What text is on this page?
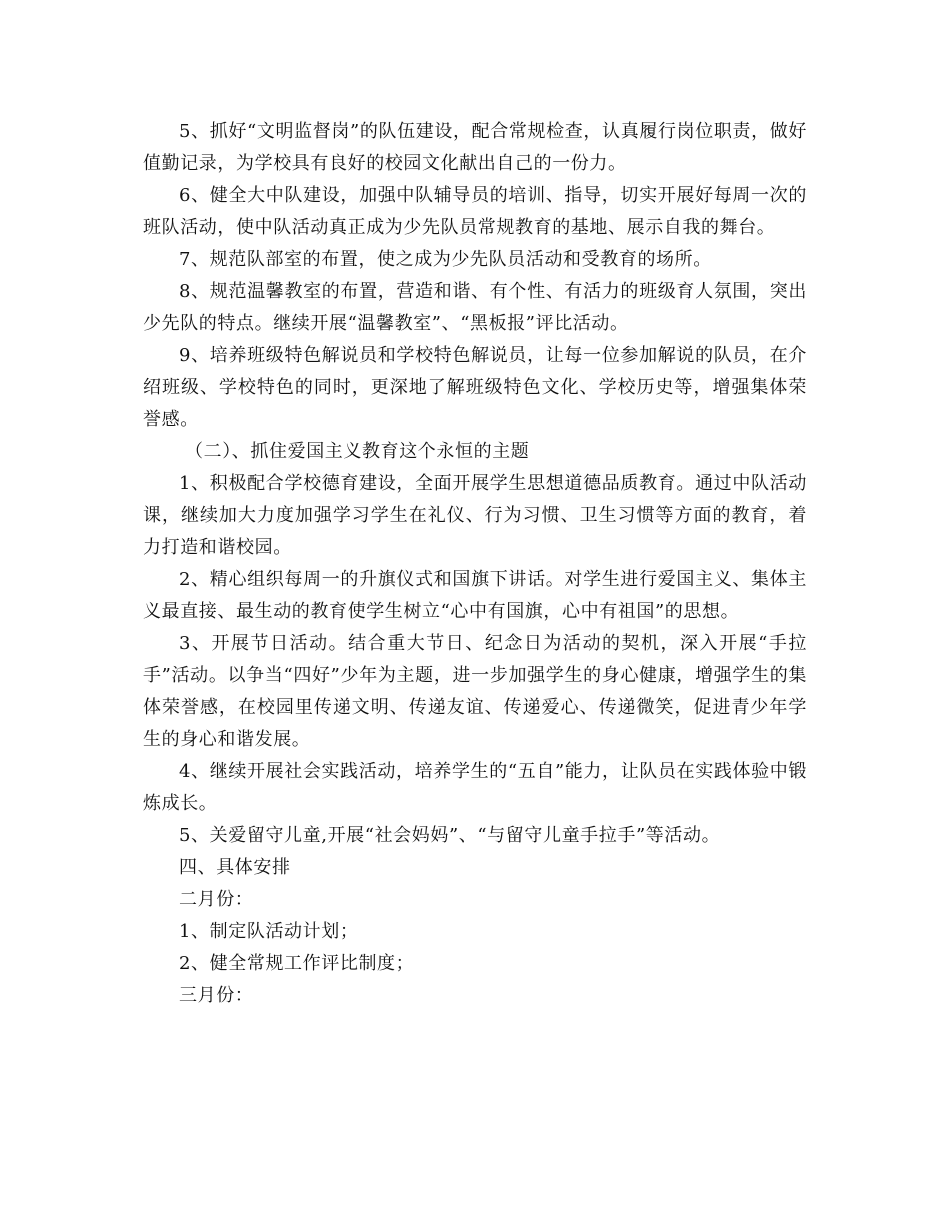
5、抓好“文明监督岗”的队伍建设，配合常规检查，认真履行岗位职责，做好值勤记录，为学校具有良好的校园文化献出自己的一份力。

6、健全大中队建设，加强中队辅导员的培训、指导，切实开展好每周一次的班队活动，使中队活动真正成为少先队员常规教育的基地、展示自我的舞台。

7、规范队部室的布置，使之成为少先队员活动和受教育的场所。

8、规范温馨教室的布置，营造和谐、有个性、有活力的班级育人氛围，突出少先队的特点。继续开展“温馨教室”、“黑板报”评比活动。

9、培养班级特色解说员和学校特色解说员，让每一位参加解说的队员，在介绍班级、学校特色的同时，更深地了解班级特色文化、学校历史等，增强集体荣誉感。

（二）、抓住爱国主义教育这个永恒的主题

1、积极配合学校德育建设，全面开展学生思想道德品质教育。通过中队活动课，继续加大力度加强学习学生在礼仪、行为习惯、卫生习惯等方面的教育，着力打造和谐校园。

2、精心组织每周一的升旗仪式和国旗下讲话。对学生进行爱国主义、集体主义最直接、最生动的教育使学生树立“心中有国旗，心中有祖国”的思想。

3、开展节日活动。结合重大节日、纪念日为活动的契机，深入开展“手拉手”活动。以争当“四好”少年为主题，进一步加强学生的身心健康，增强学生的集体荣誉感，在校园里传递文明、传递友谊、传递爱心、传递微笑，促进青少年学生的身心和谐发展。

4、继续开展社会实践活动，培养学生的“五自”能力，让队员在实践体验中锻炼成长。

5、关爱留守儿童,开展“社会妈妈”、“与留守儿童手拉手”等活动。

四、具体安排

二月份：

1、制定队活动计划；

2、健全常规工作评比制度；

三月份：
